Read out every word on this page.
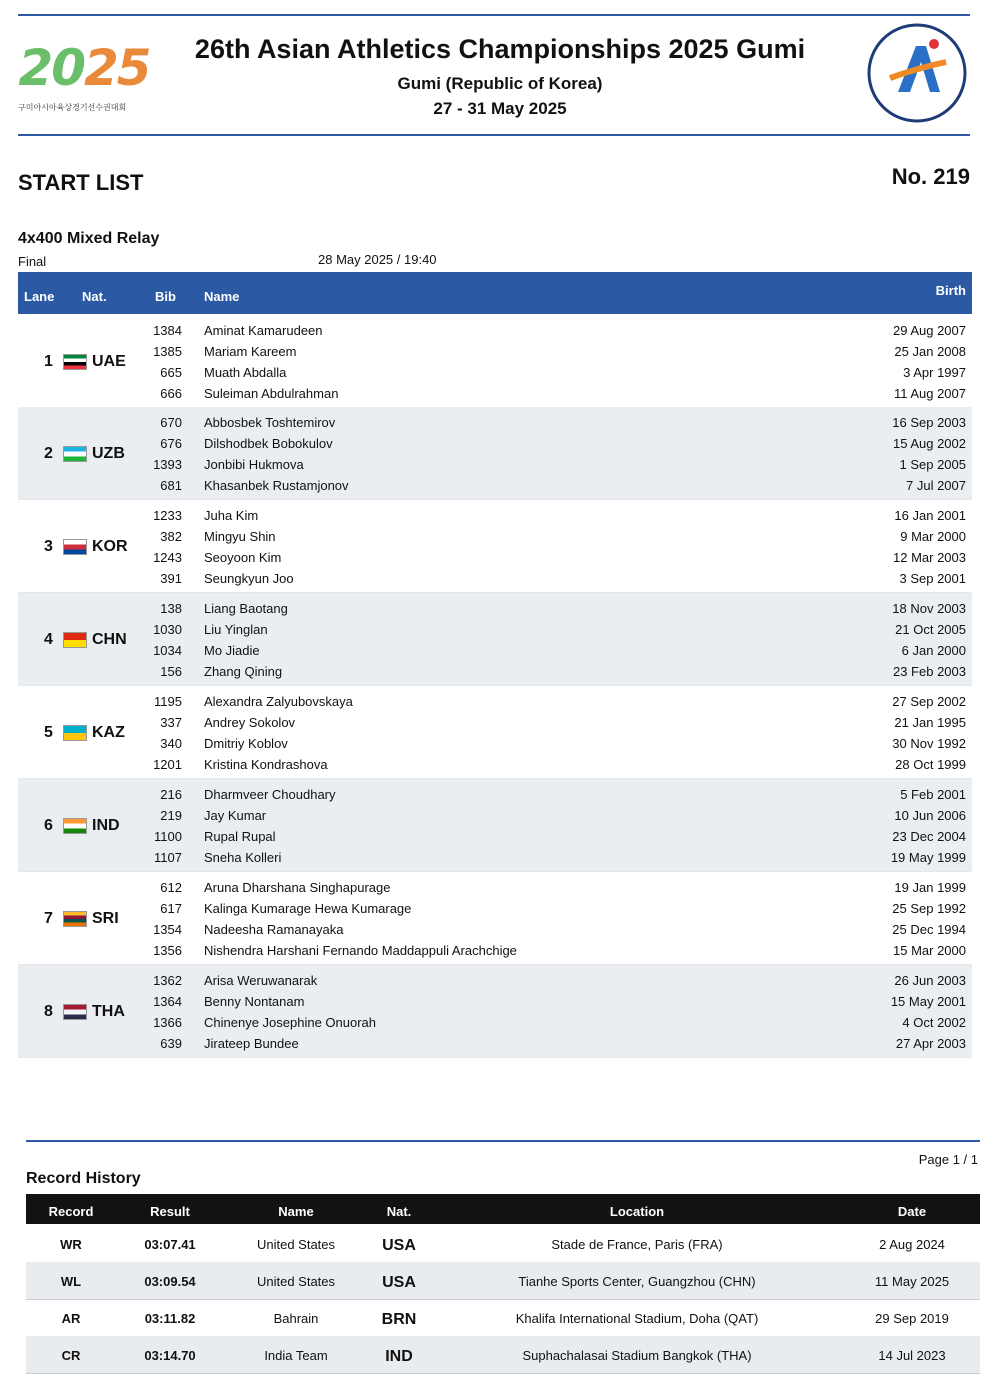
2025
구미아시아육상경기선수권대회
26th Asian Athletics Championships 2025 Gumi
Gumi (Republic of Korea)
27 - 31 May 2025
START LIST	No. 219
4x400 Mixed Relay
Final	28 May 2025 / 19:40
Lane Nat.	Bib Name	Birth
1 UAE
1384 Aminat Kamarudeen	29 Aug 2007
1385 Mariam Kareem	25 Jan 2008
665 Muath Abdalla	3 Apr 1997
666 Suleiman Abdulrahman	11 Aug 2007
2 UZB
670 Abbosbek Toshtemirov	16 Sep 2003
676 Dilshodbek Bobokulov	15 Aug 2002
1393 Jonbibi Hukmova	1 Sep 2005
681 Khasanbek Rustamjonov	7 Jul 2007
3 KOR
1233 Juha Kim	16 Jan 2001
382 Mingyu Shin	9 Mar 2000
1243 Seoyoon Kim	12 Mar 2003
391 Seungkyun Joo	3 Sep 2001
4 CHN
138 Liang Baotang	18 Nov 2003
1030 Liu Yinglan	21 Oct 2005
1034 Mo Jiadie	6 Jan 2000
156 Zhang Qining	23 Feb 2003
5 KAZ
1195 Alexandra Zalyubovskaya	27 Sep 2002
337 Andrey Sokolov	21 Jan 1995
340 Dmitriy Koblov	30 Nov 1992
1201 Kristina Kondrashova	28 Oct 1999
6 IND
216 Dharmveer Choudhary	5 Feb 2001
219 Jay Kumar	10 Jun 2006
1100 Rupal Rupal	23 Dec 2004
1107 Sneha Kolleri	19 May 1999
7 SRI
612 Aruna Dharshana Singhapurage	19 Jan 1999
617 Kalinga Kumarage Hewa Kumarage	25 Sep 1992
1354 Nadeesha Ramanayaka	25 Dec 1994
1356 Nishendra Harshani Fernando Maddappuli Arachchige	15 Mar 2000
8 THA
1362 Arisa Weruwanarak	26 Jun 2003
1364 Benny Nontanam	15 May 2001
1366 Chinenye Josephine Onuorah	4 Oct 2002
639 Jirateep Bundee	27 Apr 2003
Page 1 / 1
Record History
Record	Result	Name	Nat.	Location	Date
WR	03:07.41	United States	USA	Stade de France, Paris (FRA)	2 Aug 2024
WL	03:09.54	United States	USA	Tianhe Sports Center, Guangzhou (CHN)	11 May 2025
AR	03:11.82	Bahrain	BRN	Khalifa International Stadium, Doha (QAT)	29 Sep 2019
CR	03:14.70	India Team	IND	Suphachalasai Stadium Bangkok (THA)	14 Jul 2023
